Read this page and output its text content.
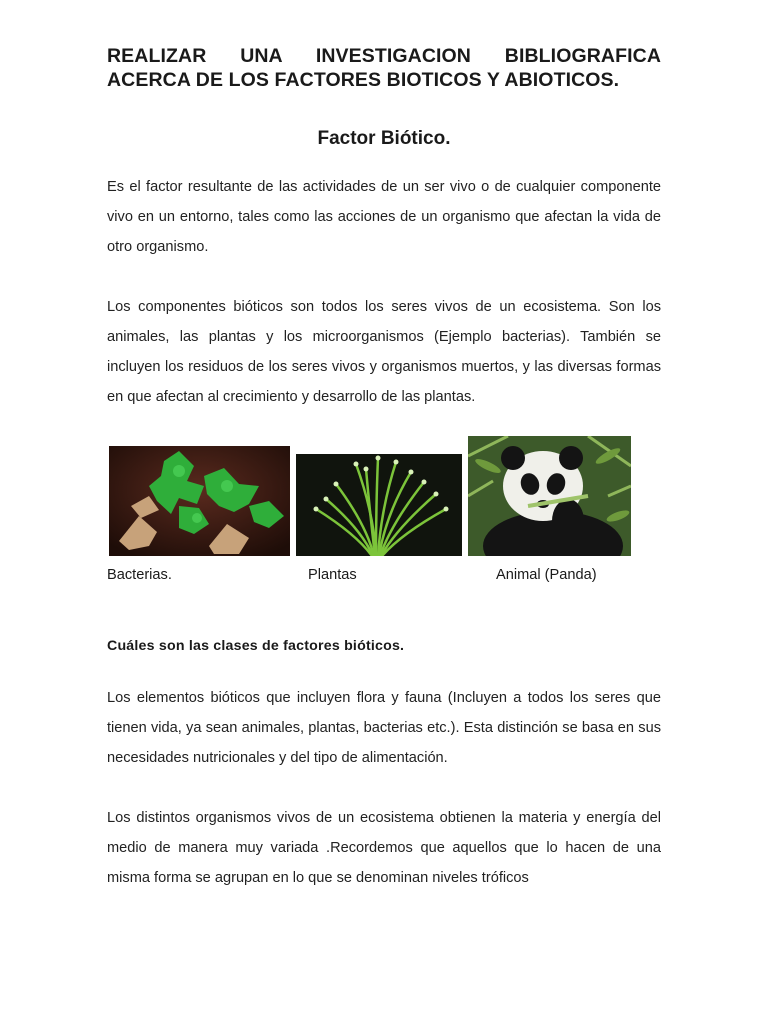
REALIZAR UNA INVESTIGACION BIBLIOGRAFICA ACERCA DE LOS FACTORES BIOTICOS Y ABIOTICOS.
Factor Biótico.

Es el factor resultante de las actividades de un ser vivo o de cualquier componente vivo en un entorno, tales como las acciones de un organismo que afectan la vida de otro organismo.

Los componentes bióticos son todos los seres vivos de un ecosistema. Son los animales, las plantas y los microorganismos (Ejemplo bacterias). También se incluyen los residuos de los seres vivos y organismos muertos, y las diversas formas en que afectan al crecimiento y desarrollo de las plantas.

Bacterias.	Plantas	Animal (Panda)
Cuáles son las clases de factores bióticos.

Los elementos bióticos que incluyen flora y fauna (Incluyen a todos los seres que tienen vida, ya sean animales, plantas, bacterias etc.). Esta distinción se basa en sus necesidades nutricionales y del tipo de alimentación.

Los distintos organismos vivos de un ecosistema obtienen la materia y energía del medio de manera muy variada .Recordemos que aquellos que lo hacen de una misma forma se agrupan en lo que se denominan niveles tróficos
